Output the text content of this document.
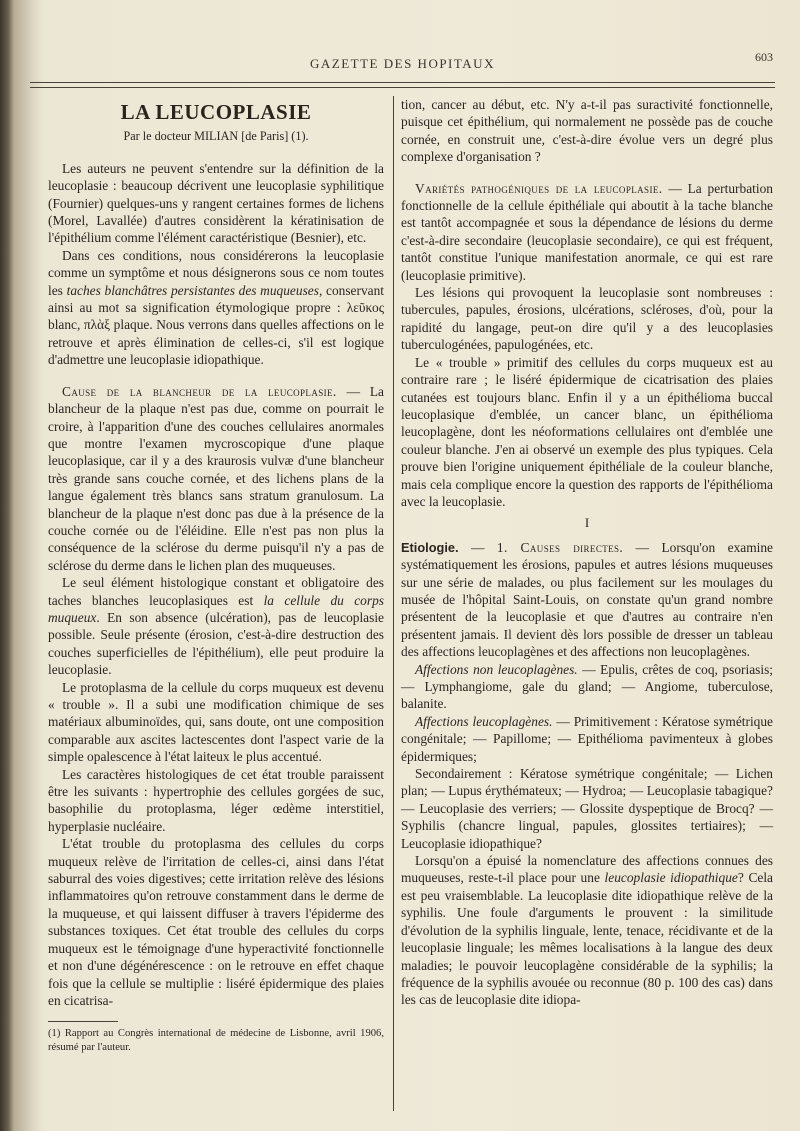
GAZETTE DES HOPITAUX	603
LA LEUCOPLASIE
Par le docteur MILIAN [de Paris] (1).

Les auteurs ne peuvent s'entendre sur la définition de la leucoplasie : beaucoup décrivent une leucoplasie syphilitique (Fournier) quelques-uns y rangent certaines formes de lichens (Morel, Lavallée) d'autres considèrent la kératinisation de l'épithélium comme l'élément caractéristique (Besnier), etc.

Dans ces conditions, nous considérerons la leucoplasie comme un symptôme et nous désignerons sous ce nom toutes les taches blanchâtres persistantes des muqueuses, conservant ainsi au mot sa signification étymologique propre : λεῦκος blanc, πλὰξ plaque. Nous verrons dans quelles affections on le retrouve et après élimination de celles-ci, s'il est logique d'admettre une leucoplasie idiopathique.

Cause de la blancheur de la leucoplasie. — La blancheur de la plaque n'est pas due, comme on pourrait le croire, à l'apparition d'une des couches cellulaires anormales que montre l'examen mycroscopique d'une plaque leucoplasique, car il y a des kraurosis vulvæ d'une blancheur très grande sans couche cornée, et des lichens plans de la langue également très blancs sans stratum granulosum. La blancheur de la plaque n'est donc pas due à la présence de la couche cornée ou de l'éléidine. Elle n'est pas non plus la conséquence de la sclérose du derme puisqu'il n'y a pas de sclérose du derme dans le lichen plan des muqueuses.

Le seul élément histologique constant et obligatoire des taches blanches leucoplasiques est la cellule du corps muqueux. En son absence (ulcération), pas de leucoplasie possible. Seule présente (érosion, c'est-à-dire destruction des couches superficielles de l'épithélium), elle peut produire la leucoplasie.

Le protoplasma de la cellule du corps muqueux est devenu « trouble ». Il a subi une modification chimique de ses matériaux albuminoïdes, qui, sans doute, ont une composition comparable aux ascites lactescentes dont l'aspect varie de la simple opalescence à l'état laiteux le plus accentué.

Les caractères histologiques de cet état trouble paraissent être les suivants : hypertrophie des cellules gorgées de suc, basophilie du protoplasma, léger œdème interstitiel, hyperplasie nucléaire.

L'état trouble du protoplasma des cellules du corps muqueux relève de l'irritation de celles-ci, ainsi dans l'état saburral des voies digestives; cette irritation relève des lésions inflammatoires qu'on retrouve constamment dans le derme de la muqueuse, et qui laissent diffuser à travers l'épiderme des substances toxiques. Cet état trouble des cellules du corps muqueux est le témoignage d'une hyperactivité fonctionnelle et non d'une dégénérescence : on le retrouve en effet chaque fois que la cellule se multiplie : liséré épidermique des plaies en cicatrisa-

(1) Rapport au Congrès international de médecine de Lisbonne, avril 1906, résumé par l'auteur.

tion, cancer au début, etc. N'y a-t-il pas suractivité fonctionnelle, puisque cet épithélium, qui normalement ne possède pas de couche cornée, en construit une, c'est-à-dire évolue vers un degré plus complexe d'organisation ?

Variétés pathogéniques de la leucoplasie. — La perturbation fonctionnelle de la cellule épithéliale qui aboutit à la tache blanche est tantôt accompagnée et sous la dépendance de lésions du derme c'est-à-dire secondaire (leucoplasie secondaire), ce qui est fréquent, tantôt constitue l'unique manifestation anormale, ce qui est rare (leucoplasie primitive).

Les lésions qui provoquent la leucoplasie sont nombreuses : tubercules, papules, érosions, ulcérations, scléroses, d'où, pour la rapidité du langage, peut-on dire qu'il y a des leucoplasies tuberculogénées, papulogénées, etc.

Le « trouble » primitif des cellules du corps muqueux est au contraire rare ; le liséré épidermique de cicatrisation des plaies cutanées est toujours blanc. Enfin il y a un épithélioma buccal leucoplasique d'emblée, un cancer blanc, un épithélioma leucoplagène, dont les néoformations cellulaires ont d'emblée une couleur blanche. J'en ai observé un exemple des plus typiques. Cela prouve bien l'origine uniquement épithéliale de la couleur blanche, mais cela complique encore la question des rapports de l'épithélioma avec la leucoplasie.

I

Etiologie. — 1. Causes directes. — Lorsqu'on examine systématiquement les érosions, papules et autres lésions muqueuses sur une série de malades, ou plus facilement sur les moulages du musée de l'hôpital Saint-Louis, on constate qu'un grand nombre présentent de la leucoplasie et que d'autres au contraire n'en présentent jamais. Il devient dès lors possible de dresser un tableau des affections leucoplagènes et des affections non leucoplagènes.

Affections non leucoplagènes. — Epulis, crêtes de coq, psoriasis; — Lymphangiome, gale du gland; — Angiome, tuberculose, balanite.

Affections leucoplagènes. — Primitivement : Kératose symétrique congénitale; — Papillome; — Epithélioma pavimenteux à globes épidermiques;

Secondairement : Kératose symétrique congénitale; — Lichen plan; — Lupus érythémateux; — Hydroa; — Leucoplasie tabagique? — Leucoplasie des verriers; — Glossite dyspeptique de Brocq? — Syphilis (chancre lingual, papules, glossites tertiaires); — Leucoplasie idiopathique?

Lorsqu'on a épuisé la nomenclature des affections connues des muqueuses, reste-t-il place pour une leucoplasie idiopathique? Cela est peu vraisemblable. La leucoplasie dite idiopathique relève de la syphilis. Une foule d'arguments le prouvent : la similitude d'évolution de la syphilis linguale, lente, tenace, récidivante et de la leucoplasie linguale; les mêmes localisations à la langue des deux maladies; le pouvoir leucoplagène considérable de la syphilis; la fréquence de la syphilis avouée ou reconnue (80 p. 100 des cas) dans les cas de leucoplasie dite idiopa-
